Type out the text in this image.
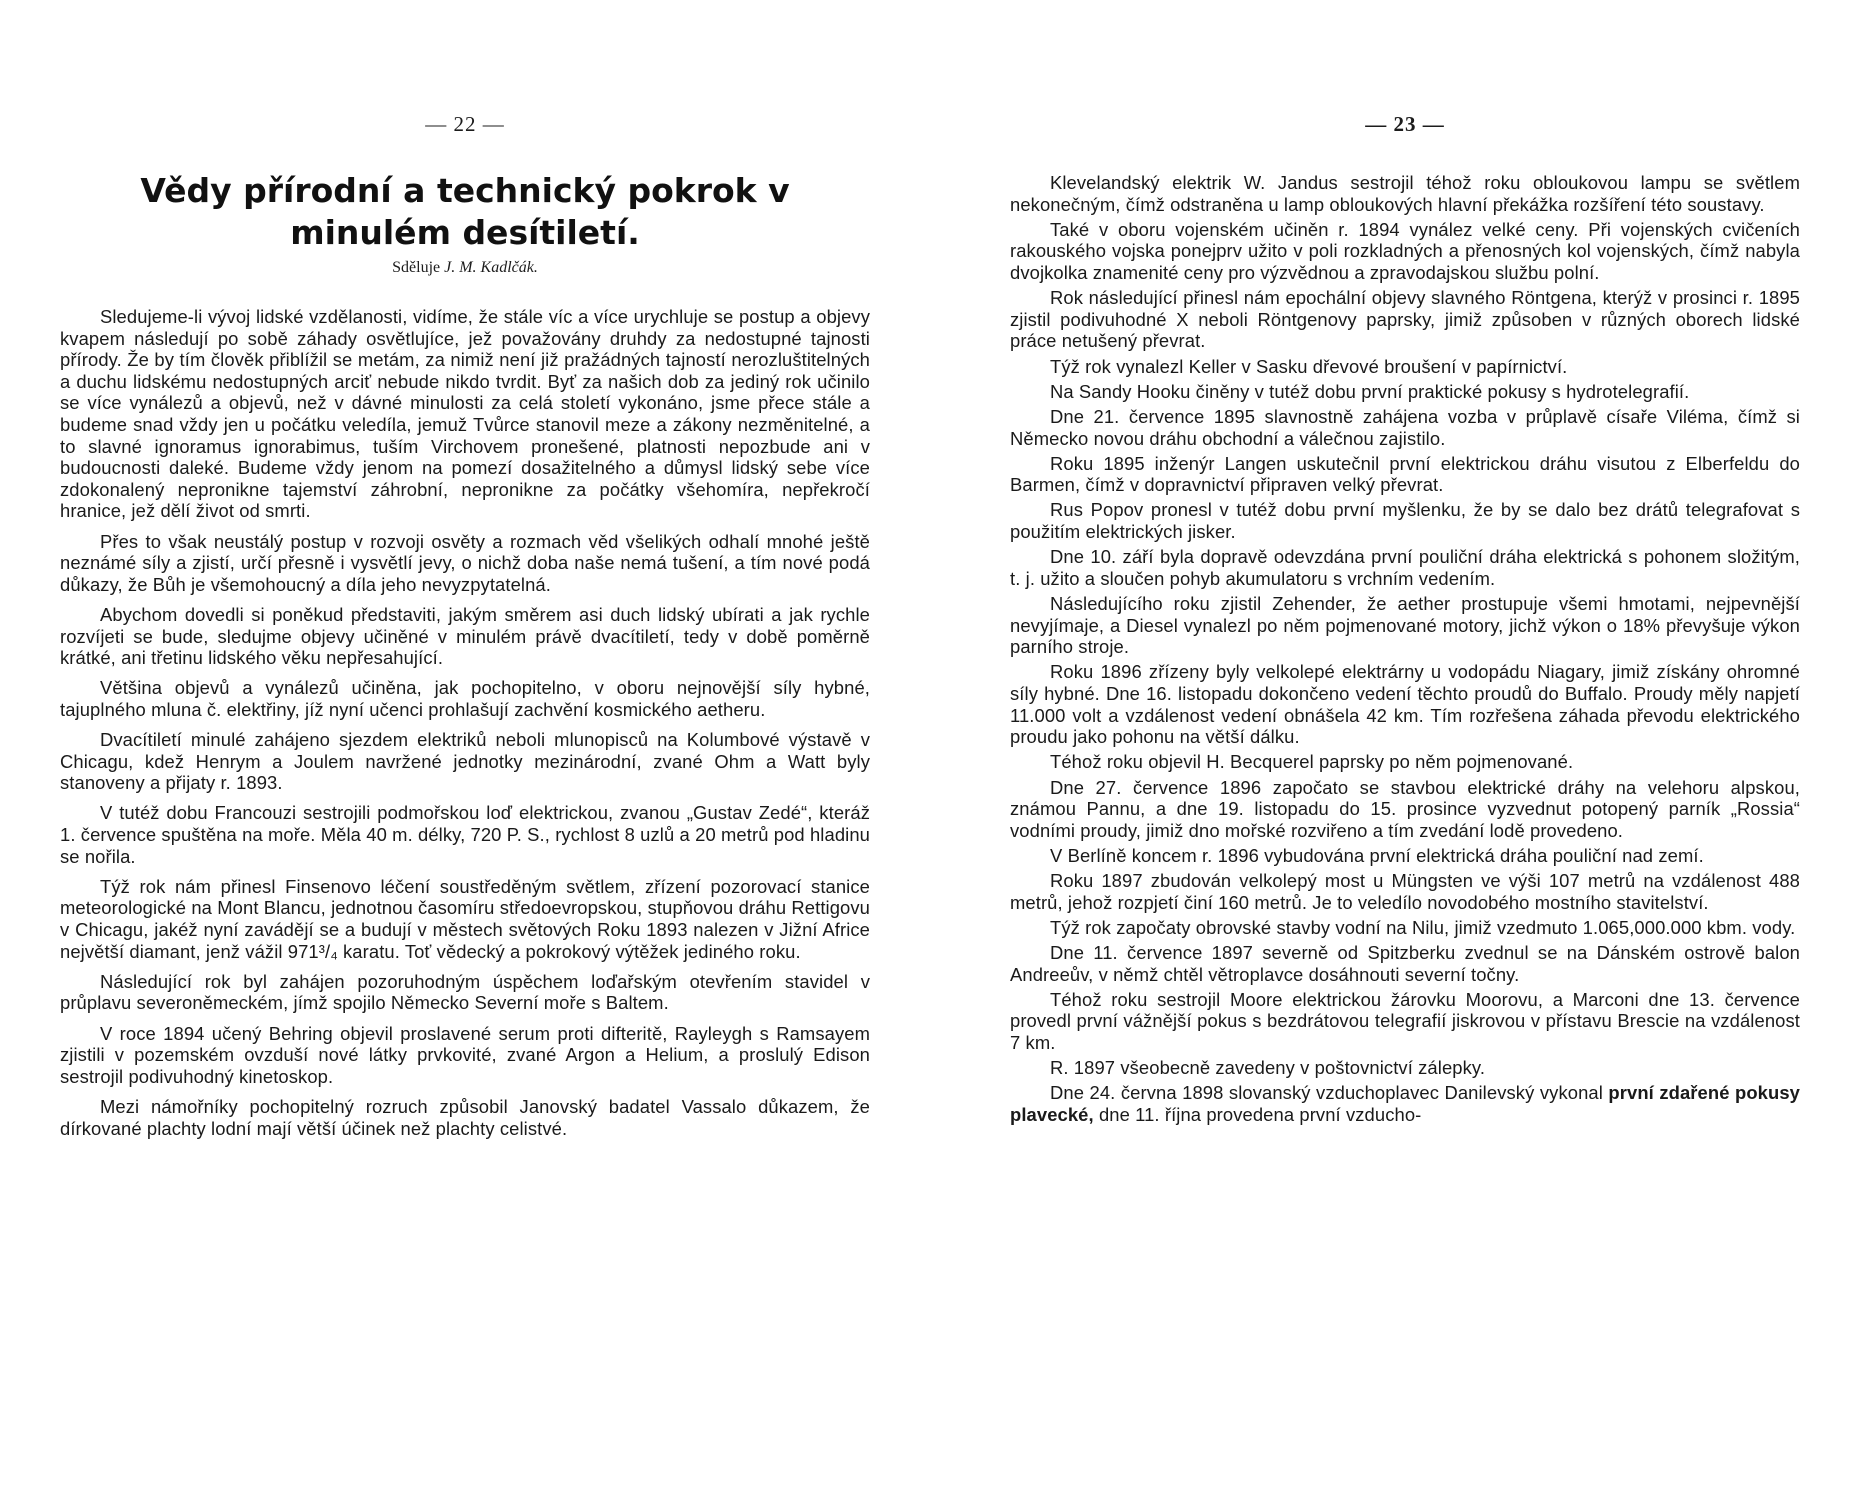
— 22 —
Vědy přírodní a technický pokrok v minulém desítiletí.
Sděluje J. M. Kadlčák.

Sledujeme-li vývoj lidské vzdělanosti, vidíme, že stále víc a více urychluje se postup a objevy kvapem následují po sobě záhady osvětlujíce, jež považovány druhdy za nedostupné tajnosti přírody. Že by tím člověk přiblížil se metám, za nimiž není již pražádných tajností nerozluštitelných a duchu lidskému nedostupných arciť nebude nikdo tvrdit. Byť za našich dob za jediný rok učinilo se více vynálezů a objevů, než v dávné minulosti za celá století vykonáno, jsme přece stále a budeme snad vždy jen u počátku veledíla, jemuž Tvůrce stanovil meze a zákony nezměnitelné, a to slavné ignoramus ignorabimus, tuším Virchovem pronešené, platnosti nepozbude ani v budoucnosti daleké. Budeme vždy jenom na pomezí dosažitelného a důmysl lidský sebe více zdokonalený nepronikne tajemství záhrobní, nepronikne za počátky všehomíra, nepřekročí hranice, jež dělí život od smrti.

Přes to však neustálý postup v rozvoji osvěty a rozmach věd všelikých odhalí mnohé ještě neznámé síly a zjistí, určí přesně i vysvětlí jevy, o nichž doba naše nemá tušení, a tím nové podá důkazy, že Bůh je všemohoucný a díla jeho nevyzpytatelná.

Abychom dovedli si poněkud představiti, jakým směrem asi duch lidský ubírati a jak rychle rozvíjeti se bude, sledujme objevy učiněné v minulém právě dvacítiletí, tedy v době poměrně krátké, ani třetinu lidského věku nepřesahující.

Většina objevů a vynálezů učiněna, jak pochopitelno, v oboru nejnovější síly hybné, tajuplného mluna č. elektřiny, jíž nyní učenci prohlašují zachvění kosmického aetheru.

Dvacítiletí minulé zahájeno sjezdem elektriků neboli mlunopisců na Kolumbové výstavě v Chicagu, kdež Henrym a Joulem navržené jednotky mezinárodní, zvané Ohm a Watt byly stanoveny a přijaty r. 1893.

V tutéž dobu Francouzi sestrojili podmořskou loď elektrickou, zvanou „Gustav Zedé“, kteráž 1. července spuštěna na moře. Měla 40 m. délky, 720 P. S., rychlost 8 uzlů a 20 metrů pod hladinu se nořila.

Týž rok nám přinesl Finsenovo léčení soustředěným světlem, zřízení pozorovací stanice meteorologické na Mont Blancu, jednotnou časomíru středoevropskou, stupňovou dráhu Rettigovu v Chicagu, jakéž nyní zavádějí se a budují v městech světových Roku 1893 nalezen v Jižní Africe největší diamant, jenž vážil 971³/₄ karatu. Toť vědecký a pokrokový výtěžek jediného roku.

Následující rok byl zahájen pozoruhodným úspěchem loďařským otevřením stavidel v průplavu severoněmeckém, jímž spojilo Německo Severní moře s Baltem.

V roce 1894 učený Behring objevil proslavené serum proti difteritě, Rayleygh s Ramsayem zjistili v pozemském ovzduší nové látky prvkovité, zvané Argon a Helium, a proslulý Edison sestrojil podivuhodný kinetoskop.

Mezi námořníky pochopitelný rozruch způsobil Janovský badatel Vassalo důkazem, že dírkované plachty lodní mají větší účinek než plachty celistvé.

— 23 —

Klevelandský elektrik W. Jandus sestrojil téhož roku obloukovou lampu se světlem nekonečným, čímž odstraněna u lamp obloukových hlavní překážka rozšíření této soustavy.

Také v oboru vojenském učiněn r. 1894 vynález velké ceny. Při vojenských cvičeních rakouského vojska ponejprv užito v poli rozkladných a přenosných kol vojenských, čímž nabyla dvojkolka znamenité ceny pro výzvědnou a zpravodajskou službu polní.

Rok následující přinesl nám epochální objevy slavného Röntgena, kterýž v prosinci r. 1895 zjistil podivuhodné X neboli Röntgenovy paprsky, jimiž způsoben v různých oborech lidské práce netušený převrat.

Týž rok vynalezl Keller v Sasku dřevové broušení v papírnictví.

Na Sandy Hooku činěny v tutéž dobu první praktické pokusy s hydrotelegrafií.

Dne 21. července 1895 slavnostně zahájena vozba v průplavě císaře Viléma, čímž si Německo novou dráhu obchodní a válečnou zajistilo.

Roku 1895 inženýr Langen uskutečnil první elektrickou dráhu visutou z Elberfeldu do Barmen, čímž v dopravnictví připraven velký převrat.

Rus Popov pronesl v tutéž dobu první myšlenku, že by se dalo bez drátů telegrafovat s použitím elektrických jisker.

Dne 10. září byla dopravě odevzdána první pouliční dráha elektrická s pohonem složitým, t. j. užito a sloučen pohyb akumulatoru s vrchním vedením.

Následujícího roku zjistil Zehender, že aether prostupuje všemi hmotami, nejpevnější nevyjímaje, a Diesel vynalezl po něm pojmenované motory, jichž výkon o 18% převyšuje výkon parního stroje.

Roku 1896 zřízeny byly velkolepé elektrárny u vodopádu Niagary, jimiž získány ohromné síly hybné. Dne 16. listopadu dokončeno vedení těchto proudů do Buffalo. Proudy měly napjetí 11.000 volt a vzdálenost vedení obnášela 42 km. Tím rozřešena záhada převodu elektrického proudu jako pohonu na větší dálku.

Téhož roku objevil H. Becquerel paprsky po něm pojmenované.

Dne 27. července 1896 započato se stavbou elektrické dráhy na velehoru alpskou, známou Pannu, a dne 19. listopadu do 15. prosince vyzvednut potopený parník „Rossia“ vodními proudy, jimiž dno mořské rozviřeno a tím zvedání lodě provedeno.

V Berlíně koncem r. 1896 vybudována první elektrická dráha pouliční nad zemí.

Roku 1897 zbudován velkolepý most u Müngsten ve výši 107 metrů na vzdálenost 488 metrů, jehož rozpjetí činí 160 metrů. Je to veledílo novodobého mostního stavitelství.

Týž rok započaty obrovské stavby vodní na Nilu, jimiž vzedmuto 1.065,000.000 kbm. vody.

Dne 11. července 1897 severně od Spitzberku zvednul se na Dánském ostrově balon Andreeův, v němž chtěl větroplavce dosáhnouti severní točny.

Téhož roku sestrojil Moore elektrickou žárovku Moorovu, a Marconi dne 13. července provedl první vážnější pokus s bezdrátovou telegrafií jiskrovou v přístavu Brescie na vzdálenost 7 km.

R. 1897 všeobecně zavedeny v poštovnictví zálepky.

Dne 24. června 1898 slovanský vzduchoplavec Danilevský vykonal první zdařené pokusy plavecké, dne 11. října provedena první vzducho-
